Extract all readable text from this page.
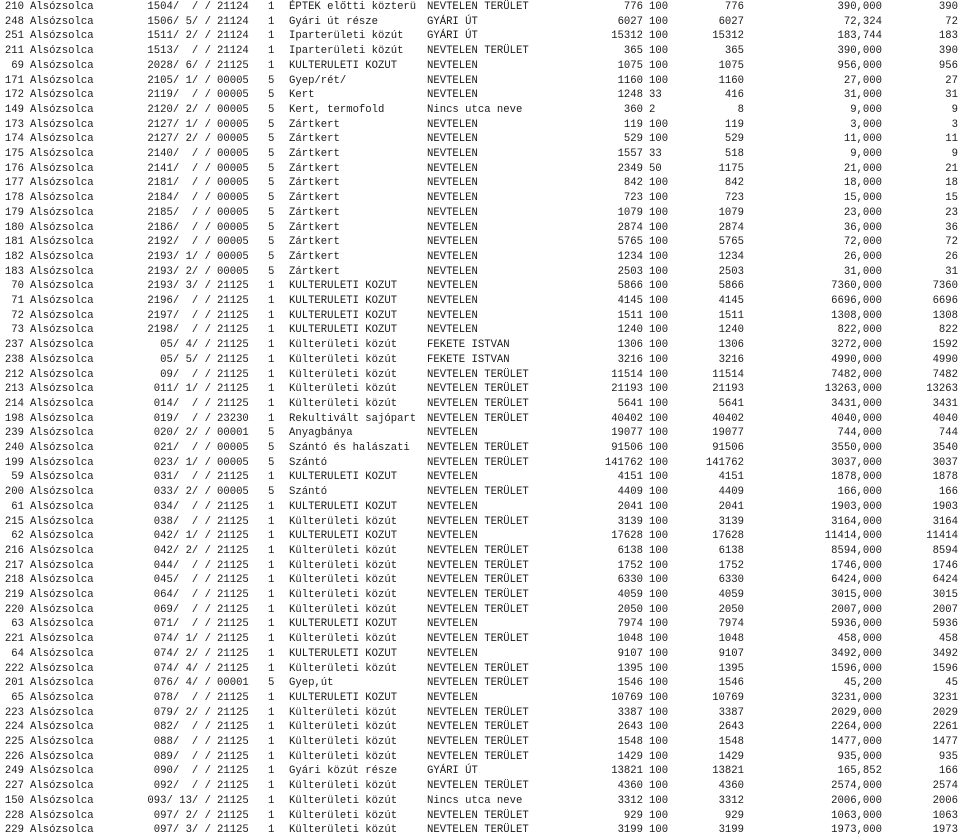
210 Alsózsolca	1504/  / / 21124 1 ÉPTEK előtti közterü NEVTELEN TERÜLET	776 100	776	390,000	390
248 Alsózsolca	1506/ 5/ / 21124 1 Gyári út része	GYÁRI ÚT	6027 100	6027	72,324	72
251 Alsózsolca	1511/ 2/ / 21124 1 Iparterületi közút GYÁRI ÚT	15312 100	15312	183,744	183
211 Alsózsolca	1513/  / / 21124 1 Iparterületi közút NEVTELEN TERÜLET	365 100	365	390,000	390
69 Alsózsolca	2028/ 6/ / 21125 1 KULTERULETI KOZUT	NEVTELEN	1075 100	1075	956,000	956
171 Alsózsolca	2105/ 1/ / 00005 5 Gyep/rét/	NEVTELEN	1160 100	1160	27,000	27
172 Alsózsolca	2119/  / / 00005 5 Kert	NEVTELEN	1248 33	416	31,000	31
149 Alsózsolca	2120/ 2/ / 00005 5 Kert, termofold	Nincs utca neve	360 2	8	9,000	9
173 Alsózsolca	2127/ 1/ / 00005 5 Zártkert	NEVTELEN	119 100	119	3,000	3
174 Alsózsolca	2127/ 2/ / 00005 5 Zártkert	NEVTELEN	529 100	529	11,000	11
175 Alsózsolca	2140/  / / 00005 5 Zártkert	NEVTELEN	1557 33	518	9,000	9
176 Alsózsolca	2141/  / / 00005 5 Zártkert	NEVTELEN	2349 50	1175	21,000	21
177 Alsózsolca	2181/  / / 00005 5 Zártkert	NEVTELEN	842 100	842	18,000	18
178 Alsózsolca	2184/  / / 00005 5 Zártkert	NEVTELEN	723 100	723	15,000	15
179 Alsózsolca	2185/  / / 00005 5 Zártkert	NEVTELEN	1079 100	1079	23,000	23
180 Alsózsolca	2186/  / / 00005 5 Zártkert	NEVTELEN	2874 100	2874	36,000	36
181 Alsózsolca	2192/  / / 00005 5 Zártkert	NEVTELEN	5765 100	5765	72,000	72
182 Alsózsolca	2193/ 1/ / 00005 5 Zártkert	NEVTELEN	1234 100	1234	26,000	26
183 Alsózsolca	2193/ 2/ / 00005 5 Zártkert	NEVTELEN	2503 100	2503	31,000	31
70 Alsózsolca	2193/ 3/ / 21125 1 KULTERULETI KOZUT	NEVTELEN	5866 100	5866	7360,000	7360
71 Alsózsolca	2196/  / / 21125 1 KULTERULETI KOZUT	NEVTELEN	4145 100	4145	6696,000	6696
72 Alsózsolca	2197/  / / 21125 1 KULTERULETI KOZUT	NEVTELEN	1511 100	1511	1308,000	1308
73 Alsózsolca	2198/  / / 21125 1 KULTERULETI KOZUT	NEVTELEN	1240 100	1240	822,000	822
237 Alsózsolca	05/ 4/ / 21125 1 Külterületi közút	FEKETE ISTVAN	1306 100	1306	3272,000	1592
238 Alsózsolca	05/ 5/ / 21125 1 Külterületi közút	FEKETE ISTVAN	3216 100	3216	4990,000	4990
212 Alsózsolca	09/  / / 21125 1 Külterületi közút	NEVTELEN TERÜLET	11514 100	11514	7482,000	7482
213 Alsózsolca	011/ 1/ / 21125 1 Külterületi közút	NEVTELEN TERÜLET	21193 100	21193	13263,000	13263
214 Alsózsolca	014/  / / 21125 1 Külterületi közút	NEVTELEN TERÜLET	5641 100	5641	3431,000	3431
198 Alsózsolca	019/  / / 23230 1 Rekultivált sajópart NEVTELEN TERÜLET	40402 100	40402	4040,000	4040
239 Alsózsolca	020/ 2/ / 00001 5 Anyagbánya	NEVTELEN	19077 100	19077	744,000	744
240 Alsózsolca	021/  / / 00005 5 Szántó és halászati NEVTELEN TERÜLET	91506 100	91506	3550,000	3540
199 Alsózsolca	023/ 1/ / 00005 5 Szántó	NEVTELEN TERÜLET	141762 100	141762	3037,000	3037
59 Alsózsolca	031/  / / 21125 1 KULTERULETI KOZUT	NEVTELEN	4151 100	4151	1878,000	1878
200 Alsózsolca	033/ 2/ / 00005 5 Szántó	NEVTELEN TERÜLET	4409 100	4409	166,000	166
61 Alsózsolca	034/  / / 21125 1 KULTERULETI KOZUT	NEVTELEN	2041 100	2041	1903,000	1903
215 Alsózsolca	038/  / / 21125 1 Külterületi közút	NEVTELEN TERÜLET	3139 100	3139	3164,000	3164
62 Alsózsolca	042/ 1/ / 21125 1 KULTERULETI KOZUT	NEVTELEN	17628 100	17628	11414,000	11414
216 Alsózsolca	042/ 2/ / 21125 1 Külterületi közút	NEVTELEN TERÜLET	6138 100	6138	8594,000	8594
217 Alsózsolca	044/  / / 21125 1 Külterületi közút	NEVTELEN TERÜLET	1752 100	1752	1746,000	1746
218 Alsózsolca	045/  / / 21125 1 Külterületi közút	NEVTELEN TERÜLET	6330 100	6330	6424,000	6424
219 Alsózsolca	064/  / / 21125 1 Külterületi közút	NEVTELEN TERÜLET	4059 100	4059	3015,000	3015
220 Alsózsolca	069/  / / 21125 1 Külterületi közút	NEVTELEN TERÜLET	2050 100	2050	2007,000	2007
63 Alsózsolca	071/  / / 21125 1 KULTERULETI KOZUT	NEVTELEN	7974 100	7974	5936,000	5936
221 Alsózsolca	074/ 1/ / 21125 1 Külterületi közút	NEVTELEN TERÜLET	1048 100	1048	458,000	458
64 Alsózsolca	074/ 2/ / 21125 1 KULTERULETI KOZUT	NEVTELEN	9107 100	9107	3492,000	3492
222 Alsózsolca	074/ 4/ / 21125 1 Külterületi közút	NEVTELEN TERÜLET	1395 100	1395	1596,000	1596
201 Alsózsolca	076/ 4/ / 00001 5 Gyep,út	NEVTELEN TERÜLET	1546 100	1546	45,200	45
65 Alsózsolca	078/  / / 21125 1 KULTERULETI KOZUT	NEVTELEN	10769 100	10769	3231,000	3231
223 Alsózsolca	079/ 2/ / 21125 1 Külterületi közút	NEVTELEN TERÜLET	3387 100	3387	2029,000	2029
224 Alsózsolca	082/  / / 21125 1 Külterületi közút	NEVTELEN TERÜLET	2643 100	2643	2264,000	2261
225 Alsózsolca	088/  / / 21125 1 Külterületi közút	NEVTELEN TERÜLET	1548 100	1548	1477,000	1477
226 Alsózsolca	089/  / / 21125 1 Külterületi közút	NEVTELEN TERÜLET	1429 100	1429	935,000	935
249 Alsózsolca	090/  / / 21125 1 Gyári közút része	GYÁRI ÚT	13821 100	13821	165,852	166
227 Alsózsolca	092/  / / 21125 1 Külterületi közút	NEVTELEN TERÜLET	4360 100	4360	2574,000	2574
150 Alsózsolca	093/ 13/ / 21125 1 Külterületi közút	Nincs utca neve	3312 100	3312	2006,000	2006
228 Alsózsolca	097/ 2/ / 21125 1 Külterületi közút	NEVTELEN TERÜLET	929 100	929	1063,000	1063
229 Alsózsolca	097/ 3/ / 21125 1 Külterületi közút	NEVTELEN TERÜLET	3199 100	3199	1973,000	1973
